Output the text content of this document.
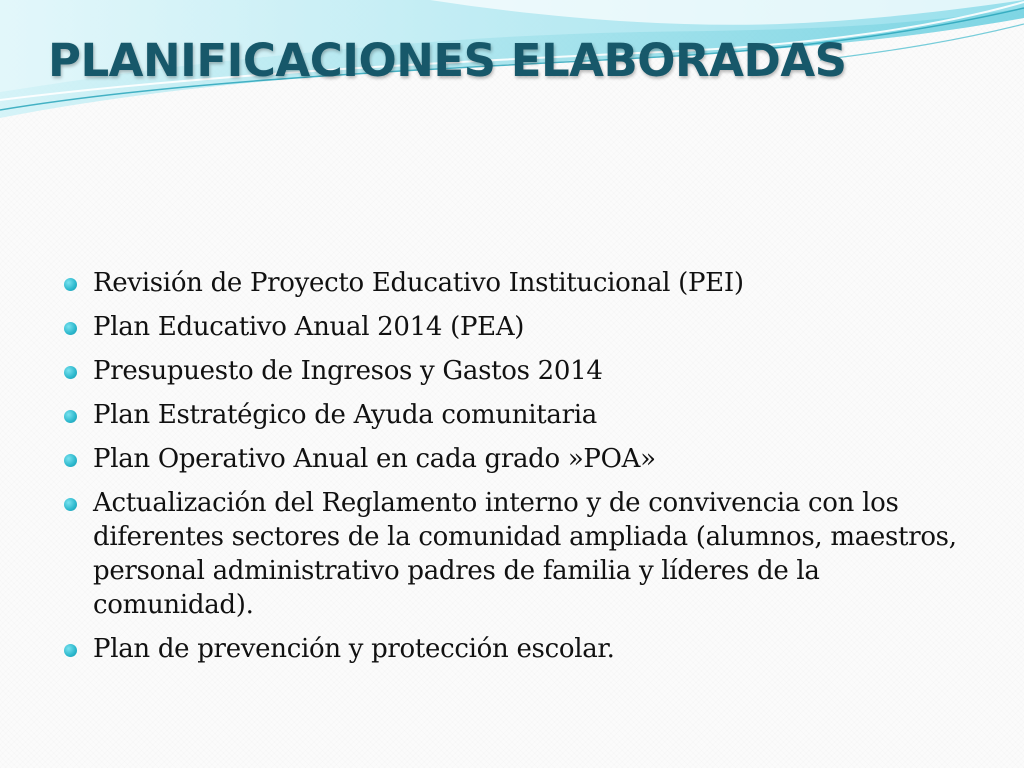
PLANIFICACIONES ELABORADAS
Revisión de Proyecto Educativo Institucional (PEI)
Plan Educativo Anual 2014 (PEA)
Presupuesto de Ingresos y Gastos 2014
Plan Estratégico de Ayuda comunitaria
Plan Operativo Anual en cada grado »POA»
Actualización del Reglamento interno y de convivencia con los diferentes sectores de la comunidad ampliada (alumnos, maestros, personal administrativo padres de familia y líderes de la comunidad).
Plan de prevención y protección escolar.
